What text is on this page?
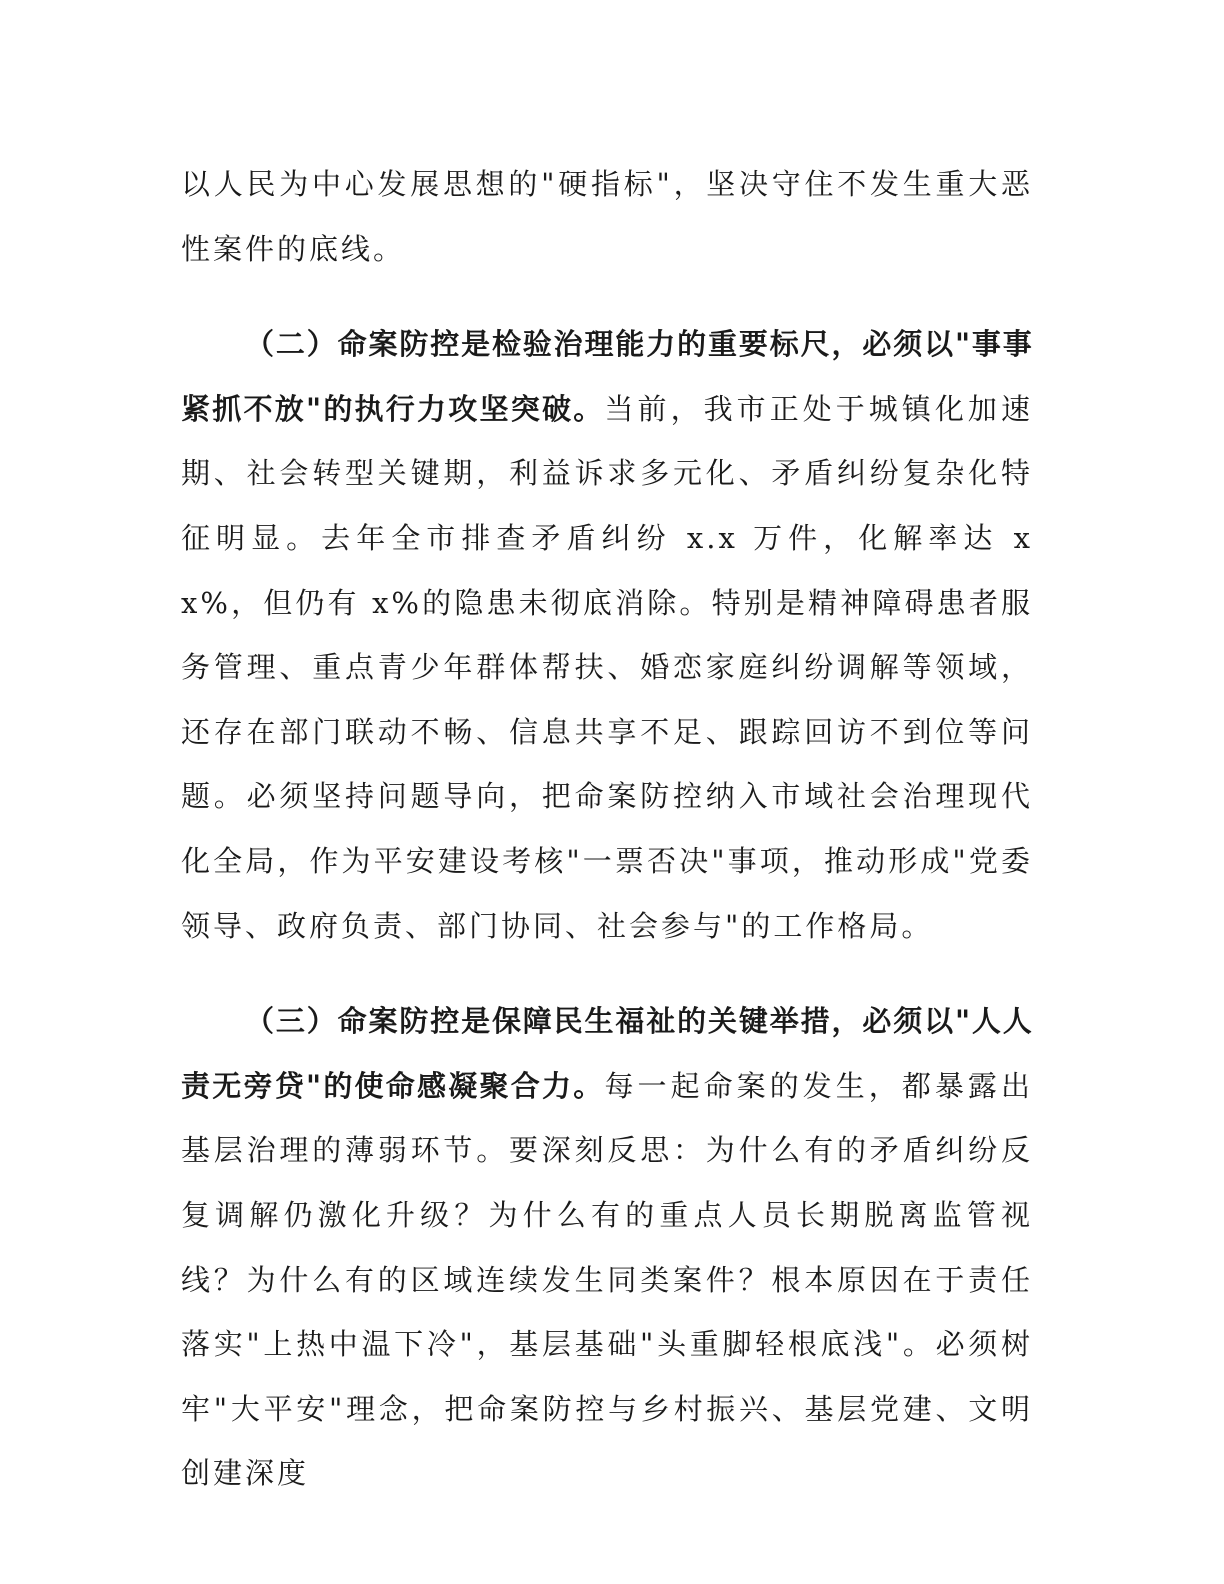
以人民为中心发展思想的"硬指标"，坚决守住不发生重大恶性案件的底线。

（二）命案防控是检验治理能力的重要标尺，必须以"事事紧抓不放"的执行力攻坚突破。当前，我市正处于城镇化加速期、社会转型关键期，利益诉求多元化、矛盾纠纷复杂化特征明显。去年全市排查矛盾纠纷 x.x 万件，化解率达 xx%，但仍有 x%的隐患未彻底消除。特别是精神障碍患者服务管理、重点青少年群体帮扶、婚恋家庭纠纷调解等领域，还存在部门联动不畅、信息共享不足、跟踪回访不到位等问题。必须坚持问题导向，把命案防控纳入市域社会治理现代化全局，作为平安建设考核"一票否决"事项，推动形成"党委领导、政府负责、部门协同、社会参与"的工作格局。

（三）命案防控是保障民生福祉的关键举措，必须以"人人责无旁贷"的使命感凝聚合力。每一起命案的发生，都暴露出基层治理的薄弱环节。要深刻反思：为什么有的矛盾纠纷反复调解仍激化升级？为什么有的重点人员长期脱离监管视线？为什么有的区域连续发生同类案件？根本原因在于责任落实"上热中温下冷"，基层基础"头重脚轻根底浅"。必须树牢"大平安"理念，把命案防控与乡村振兴、基层党建、文明创建深度
